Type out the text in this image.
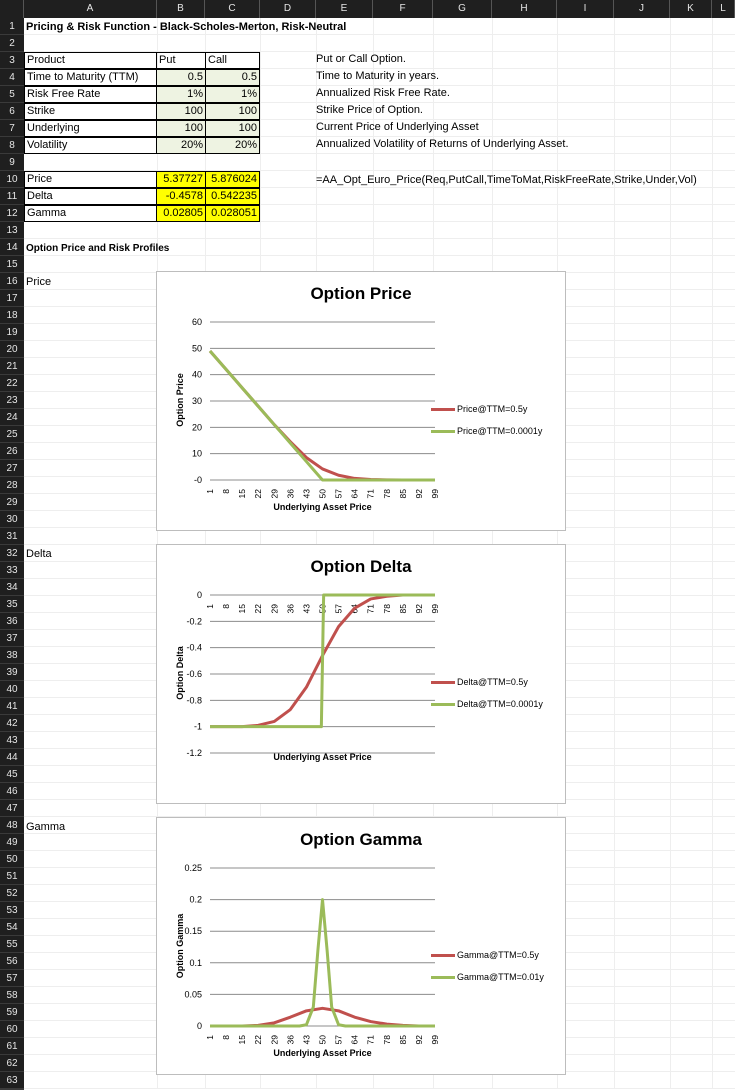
A	B	C	D	E	F	G	H	I	J	K	L
1
2
3
4
5
6
7
8
9
10
11
12
13
14
15
16
17
18
19
20
21
22
23
24
25
26
27
28
29
30
31
32
33
34
35
36
37
38
39
40
41
42
43
44
45
46
47
48
49
50
51
52
53
54
55
56
57
58
59
60
61
62
63
Pricing & Risk Function - Black-Scholes-Merton, Risk-Neutral
Product	Put	Call	Put or Call Option.
Time to Maturity (TTM)	0.5	0.5	Time to Maturity in years.
Risk Free Rate	1%	1%	Annualized Risk Free Rate.
Strike	100	100	Strike Price of Option.
Underlying	100	100	Current Price of Underlying Asset
Volatility	20%	20%	Annualized Volatility of Returns of Underlying Asset.
Price	5.37727 5.876024
Delta	-0.4578 0.542235
Gamma	0.02805 0.028051
=AA_Opt_Euro_Price(Req,PutCall,TimeToMat,RiskFreeRate,Strike,Under,Vol)
Option Price and Risk Profiles
Price
Delta
Gamma
-0
10
20
30
40
50
60
1 8 15 22 29 36 43 50 57 64 71 78 85 92 99
Option Price
Option Price
Underlying Asset Price
Price@TTM=0.5y
Price@TTM=0.0001y
0
-0.2
-0.4
-0.6
-0.8
-1
-1.2
1 8 15 22 29 36 43 50 57 64 71 78 85 92 99
Option Delta
Option Delta
Underlying Asset Price
Delta@TTM=0.5y
Delta@TTM=0.0001y
0
0.05
0.1
0.15
0.2
0.25
1 8 15 22 29 36 43 50 57 64 71 78 85 92 99
Option Gamma
Option Gamma
Underlying Asset Price
Gamma@TTM=0.5y
Gamma@TTM=0.01y
